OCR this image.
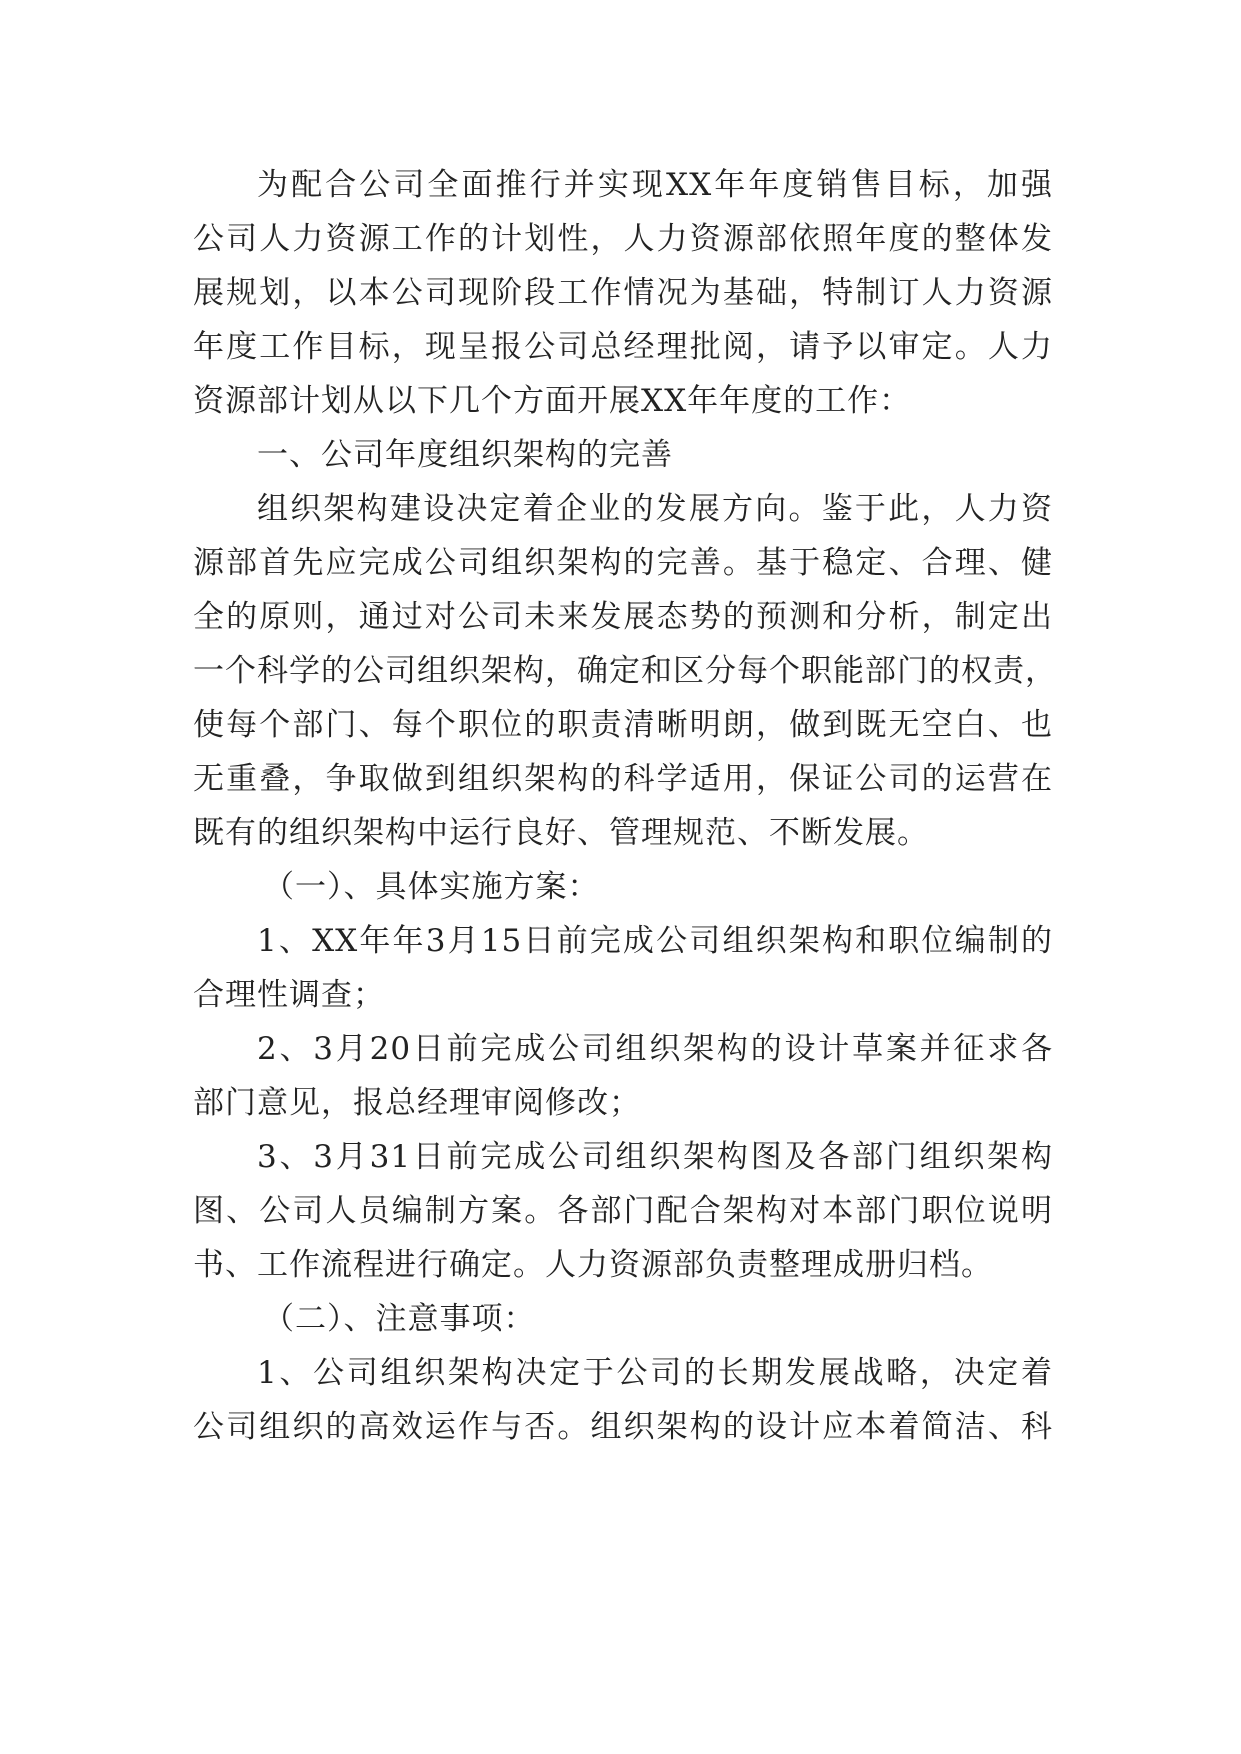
为配合公司全面推行并实现XX年年度销售目标，加强
公司人力资源工作的计划性，人力资源部依照年度的整体发
展规划，以本公司现阶段工作情况为基础，特制订人力资源
年度工作目标，现呈报公司总经理批阅，请予以审定。人力
资源部计划从以下几个方面开展XX年年度的工作：
一、公司年度组织架构的完善
组织架构建设决定着企业的发展方向。鉴于此，人力资
源部首先应完成公司组织架构的完善。基于稳定、合理、健
全的原则，通过对公司未来发展态势的预测和分析，制定出
一个科学的公司组织架构，确定和区分每个职能部门的权责，
使每个部门、每个职位的职责清晰明朗，做到既无空白、也
无重叠，争取做到组织架构的科学适用，保证公司的运营在
既有的组织架构中运行良好、管理规范、不断发展。
（一）、具体实施方案：
1、XX年年3月15日前完成公司组织架构和职位编制的
合理性调查；
2、3月20日前完成公司组织架构的设计草案并征求各
部门意见，报总经理审阅修改；
3、3月31日前完成公司组织架构图及各部门组织架构
图、公司人员编制方案。各部门配合架构对本部门职位说明
书、工作流程进行确定。人力资源部负责整理成册归档。
（二）、注意事项：
1、公司组织架构决定于公司的长期发展战略，决定着
公司组织的高效运作与否。组织架构的设计应本着简洁、科
